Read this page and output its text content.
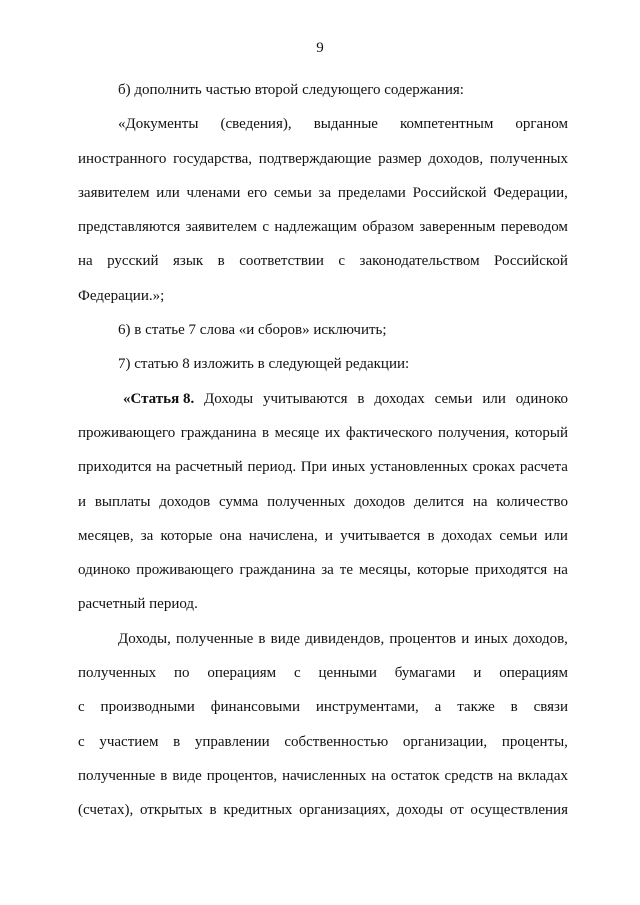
9
б) дополнить частью второй следующего содержания:
«Документы (сведения), выданные компетентным органом
иностранного государства, подтверждающие размер доходов, полученных
заявителем или членами его семьи за пределами Российской Федерации,
представляются заявителем с надлежащим образом заверенным переводом
на русский язык в соответствии с законодательством Российской
Федерации.»;
6) в статье 7 слова «и сборов» исключить;
7) статью 8 изложить в следующей редакции:
«Статья 8. Доходы учитываются в доходах семьи или одиноко
проживающего гражданина в месяце их фактического получения, который
приходится на расчетный период. При иных установленных сроках расчета
и выплаты доходов сумма полученных доходов делится на количество
месяцев, за которые она начислена, и учитывается в доходах семьи или
одиноко проживающего гражданина за те месяцы, которые приходятся на
расчетный период.
Доходы, полученные в виде дивидендов, процентов и иных доходов,
полученных по операциям с ценными бумагами и операциям
с производными финансовыми инструментами, а также в связи
с участием в управлении собственностью организации, проценты,
полученные в виде процентов, начисленных на остаток средств на вкладах
(счетах), открытых в кредитных организациях, доходы от осуществления
